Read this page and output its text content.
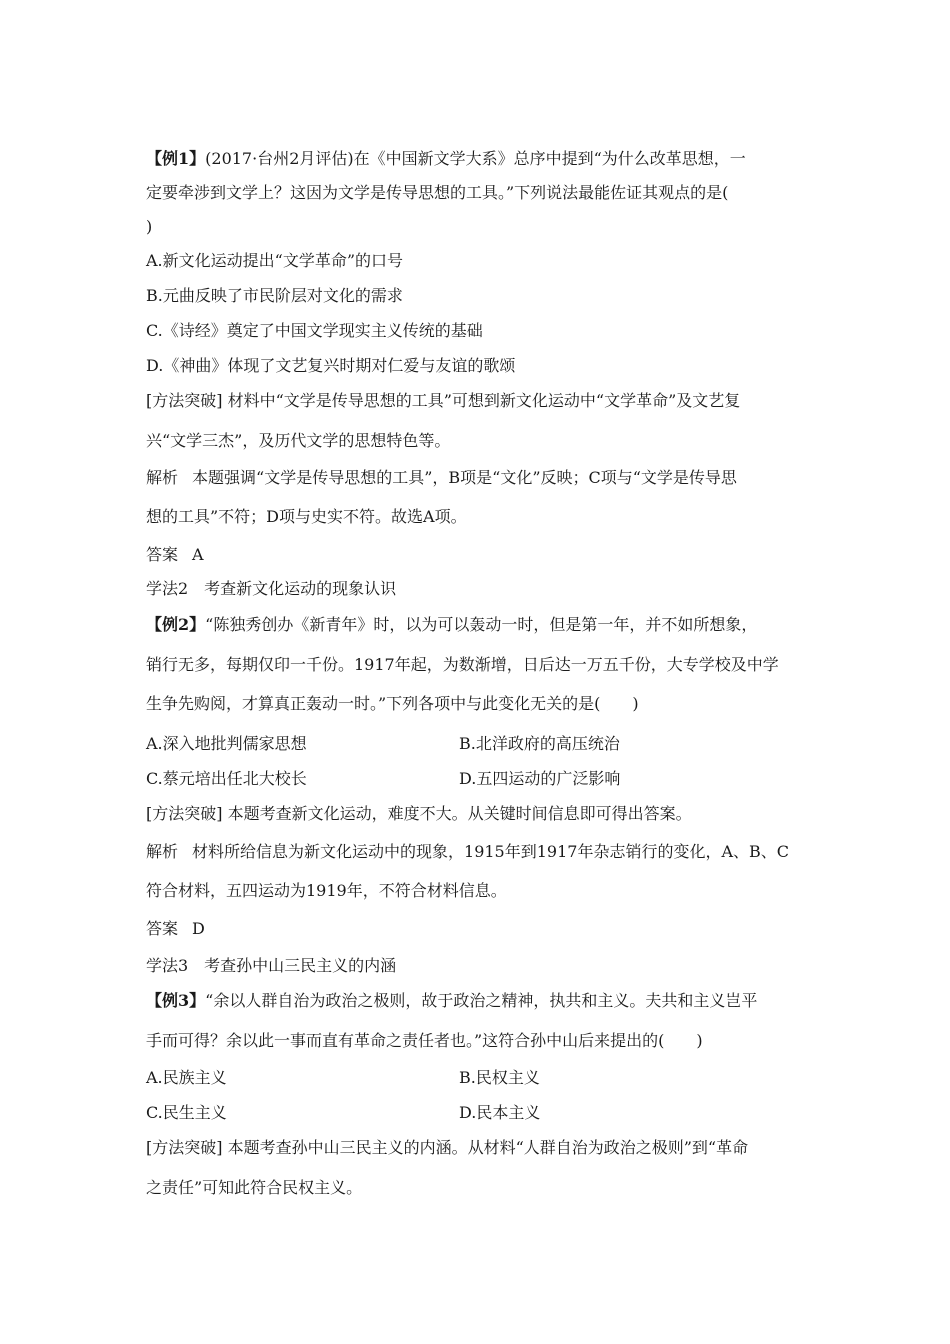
【例1】(2017·台州2月评估)在《中国新文学大系》总序中提到“为什么改革思想，一
定要牵涉到文学上？这因为文学是传导思想的工具。”下列说法最能佐证其观点的是(
)
A.新文化运动提出“文学革命”的口号
B.元曲反映了市民阶层对文化的需求
C.《诗经》奠定了中国文学现实主义传统的基础
D.《神曲》体现了文艺复兴时期对仁爱与友谊的歌颂
[方法突破] 材料中“文学是传导思想的工具”可想到新文化运动中“文学革命”及文艺复
兴“文学三杰”，及历代文学的思想特色等。
解析 本题强调“文学是传导思想的工具”，B项是“文化”反映；C项与“文学是传导思
想的工具”不符；D项与史实不符。故选A项。
答案 A
学法2　考查新文化运动的现象认识
【例2】“陈独秀创办《新青年》时，以为可以轰动一时，但是第一年，并不如所想象，
销行无多，每期仅印一千份。1917年起，为数渐增，日后达一万五千份，大专学校及中学
生争先购阅，才算真正轰动一时。”下列各项中与此变化无关的是(　　)
A.深入地批判儒家思想	B.北洋政府的高压统治
C.蔡元培出任北大校长	D.五四运动的广泛影响
[方法突破] 本题考查新文化运动，难度不大。从关键时间信息即可得出答案。
解析 材料所给信息为新文化运动中的现象，1915年到1917年杂志销行的变化，A、B、C
符合材料，五四运动为1919年，不符合材料信息。
答案 D
学法3　考查孙中山三民主义的内涵
【例3】“余以人群自治为政治之极则，故于政治之精神，执共和主义。夫共和主义岂平
手而可得？余以此一事而直有革命之责任者也。”这符合孙中山后来提出的(　　)
A.民族主义	B.民权主义
C.民生主义	D.民本主义
[方法突破] 本题考查孙中山三民主义的内涵。从材料“人群自治为政治之极则”到“革命
之责任”可知此符合民权主义。
